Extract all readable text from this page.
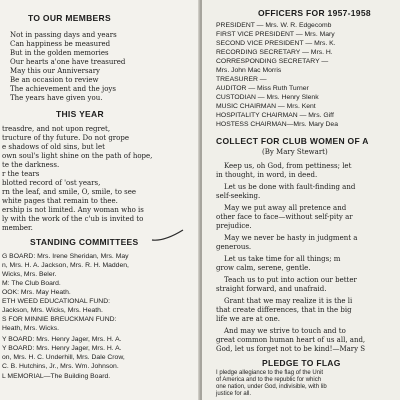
TO OUR MEMBERS
Not in passing days and years
Can happiness be measured
But in the golden memories
Our hearts a'one have treasured
May this our Anniversary
Be an occasion to review
The achievement and the joys
The years have given you.
THIS YEAR
treasdre, and not upon regret,
tructure of thy future. Do not grope
e shadows of old sins, but let
own soul's light shine on the path of hope,
te the darkness.
r the tears
blotted record of 'ost years,
rn the leaf, and smile, O, smile, to see
white pages that remain to thee.
ership is not limited. Any woman who is
ly with the work of the c'ub is invited to
member.
STANDING COMMITTEES
G BOARD: Mrs. Irene Sheridan, Mrs. May
n, Mrs. H. A. Jackson, Mrs. R. H. Madden,
Wicks, Mrs. Beler.
M: The Club Board.
OOK: Mrs. May Heath.
ETH WEED EDUCATIONAL FUND:
Jackson, Mrs. Wicks, Mrs. Heath.
S FOR MINNIE BREUCKMAN FUND:
Heath, Mrs. Wicks.
Y BOARD: Mrs. Henry Jager, Mrs. H. A.
Y BOARD: Mrs. Henry Jager, Mrs. H. A.
on, Mrs. H. C. Underhill, Mrs. Dale Crow,
C. B. Hutchins, Jr., Mrs. Wm. Johnson.
L MEMORIAL—The Building Board.
OFFICERS FOR 1957-1958
PRESIDENT — Mrs. W. R. Edgecomb
FIRST VICE PRESIDENT — Mrs. Mary
SECOND VICE PRESIDENT — Mrs. K.
RECORDING SECRETARY — Mrs. H.
CORRESPONDING SECRETARY —
Mrs. John Mac Morris
TREASURER —
AUDITOR — Miss Ruth Turner
CUSTODIAN — Mrs. Henry Slenk
MUSIC CHAIRMAN — Mrs. Kent
HOSPITALITY CHAIRMAN — Mrs. Giff
HOSTESS CHAIRMAN—Mrs. Mary Dea
COLLECT FOR CLUB WOMEN OF A
(By Mary Stewart)
Keep us, oh God, from pettiness; let
in thought, in word, in deed.
Let us be done with fault-finding and
self-seeking.
May we put away all pretence and
other face to face—without self-pity ar
prejudice.
May we never be hasty in judgment a
generous.
Let us take time for all things; m
grow calm, serene, gentle.
Teach us to put into action our better
straight forward, and unafraid.
Grant that we may realize it is the li
that create differences, that in the big
life we are at one.
And may we strive to touch and to
great common human heart of us all, and,
God, let us forget not to be kind!—Mary S
PLEDGE TO FLAG
I pledge allegiance to the flag of the Unit
of America and to the republic for which
one nation, under God, indivisible, with lib
justice for all.
